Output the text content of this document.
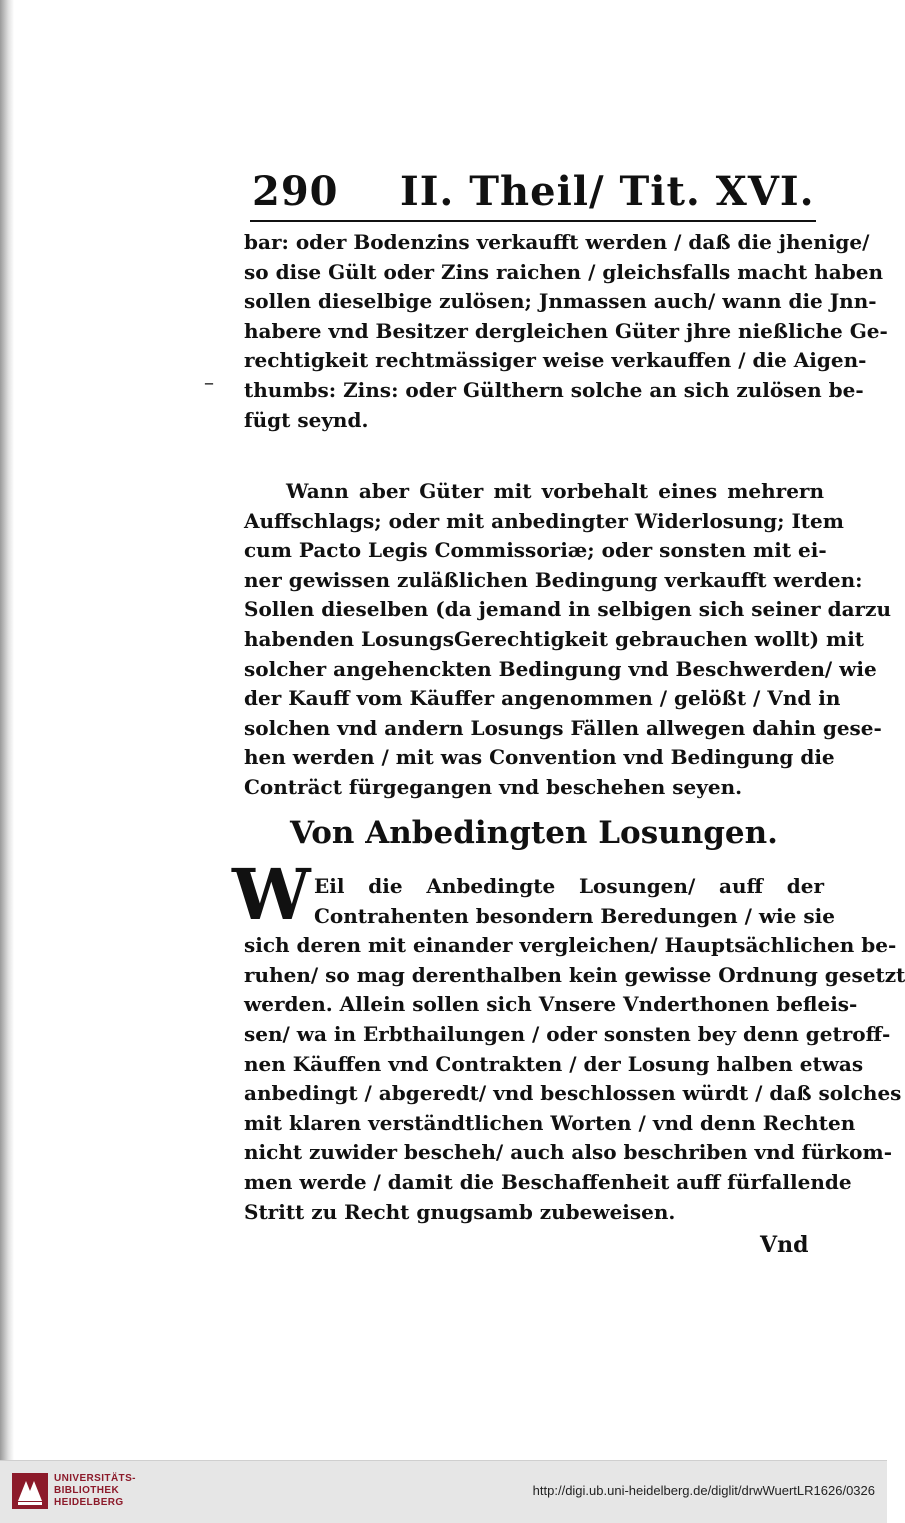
290 II. Theil/ Tit. XVI.
–
bar: oder Bodenzins verkaufft werden / daß die jhenige/
so dise Gült oder Zins raichen / gleichsfalls macht haben
sollen dieselbige zulösen; Jnmassen auch/ wann die Jnn-
habere vnd Besitzer dergleichen Güter jhre nießliche Ge-
rechtigkeit rechtmässiger weise verkauffen / die Aigen-
thumbs: Zins: oder Gülthern solche an sich zulösen be-
fügt seynd.
Wann aber Güter mit vorbehalt eines mehrern
Auffschlags; oder mit anbedingter Widerlosung; Item
cum Pacto Legis Commissoriæ; oder sonsten mit ei-
ner gewissen zuläßlichen Bedingung verkaufft werden:
Sollen dieselben (da jemand in selbigen sich seiner darzu
habenden LosungsGerechtigkeit gebrauchen wollt) mit
solcher angehenckten Bedingung vnd Beschwerden/ wie
der Kauff vom Käuffer angenommen / gelößt / Vnd in
solchen vnd andern Losungs Fällen allwegen dahin gese-
hen werden / mit was Convention vnd Bedingung die
Conträct fürgegangen vnd beschehen seyen.
Von Anbedingten Losungen.
W Eil die Anbedingte Losungen/ auff der
Contrahenten besondern Beredungen / wie sie
sich deren mit einander vergleichen/ Hauptsächlichen be-
ruhen/ so mag derenthalben kein gewisse Ordnung gesetzt
werden. Allein sollen sich Vnsere Vnderthonen befleis-
sen/ wa in Erbthailungen / oder sonsten bey denn getroff-
nen Käuffen vnd Contrakten / der Losung halben etwas
anbedingt / abgeredt/ vnd beschlossen würdt / daß solches
mit klaren verständtlichen Worten / vnd denn Rechten
nicht zuwider bescheh/ auch also beschriben vnd fürkom-
men werde / damit die Beschaffenheit auff fürfallende
Stritt zu Recht gnugsamb zubeweisen.
Vnd
UNIVERSITÄTS-
BIBLIOTHEK
HEIDELBERG
http://digi.ub.uni-heidelberg.de/diglit/drwWuertLR1626/0326
